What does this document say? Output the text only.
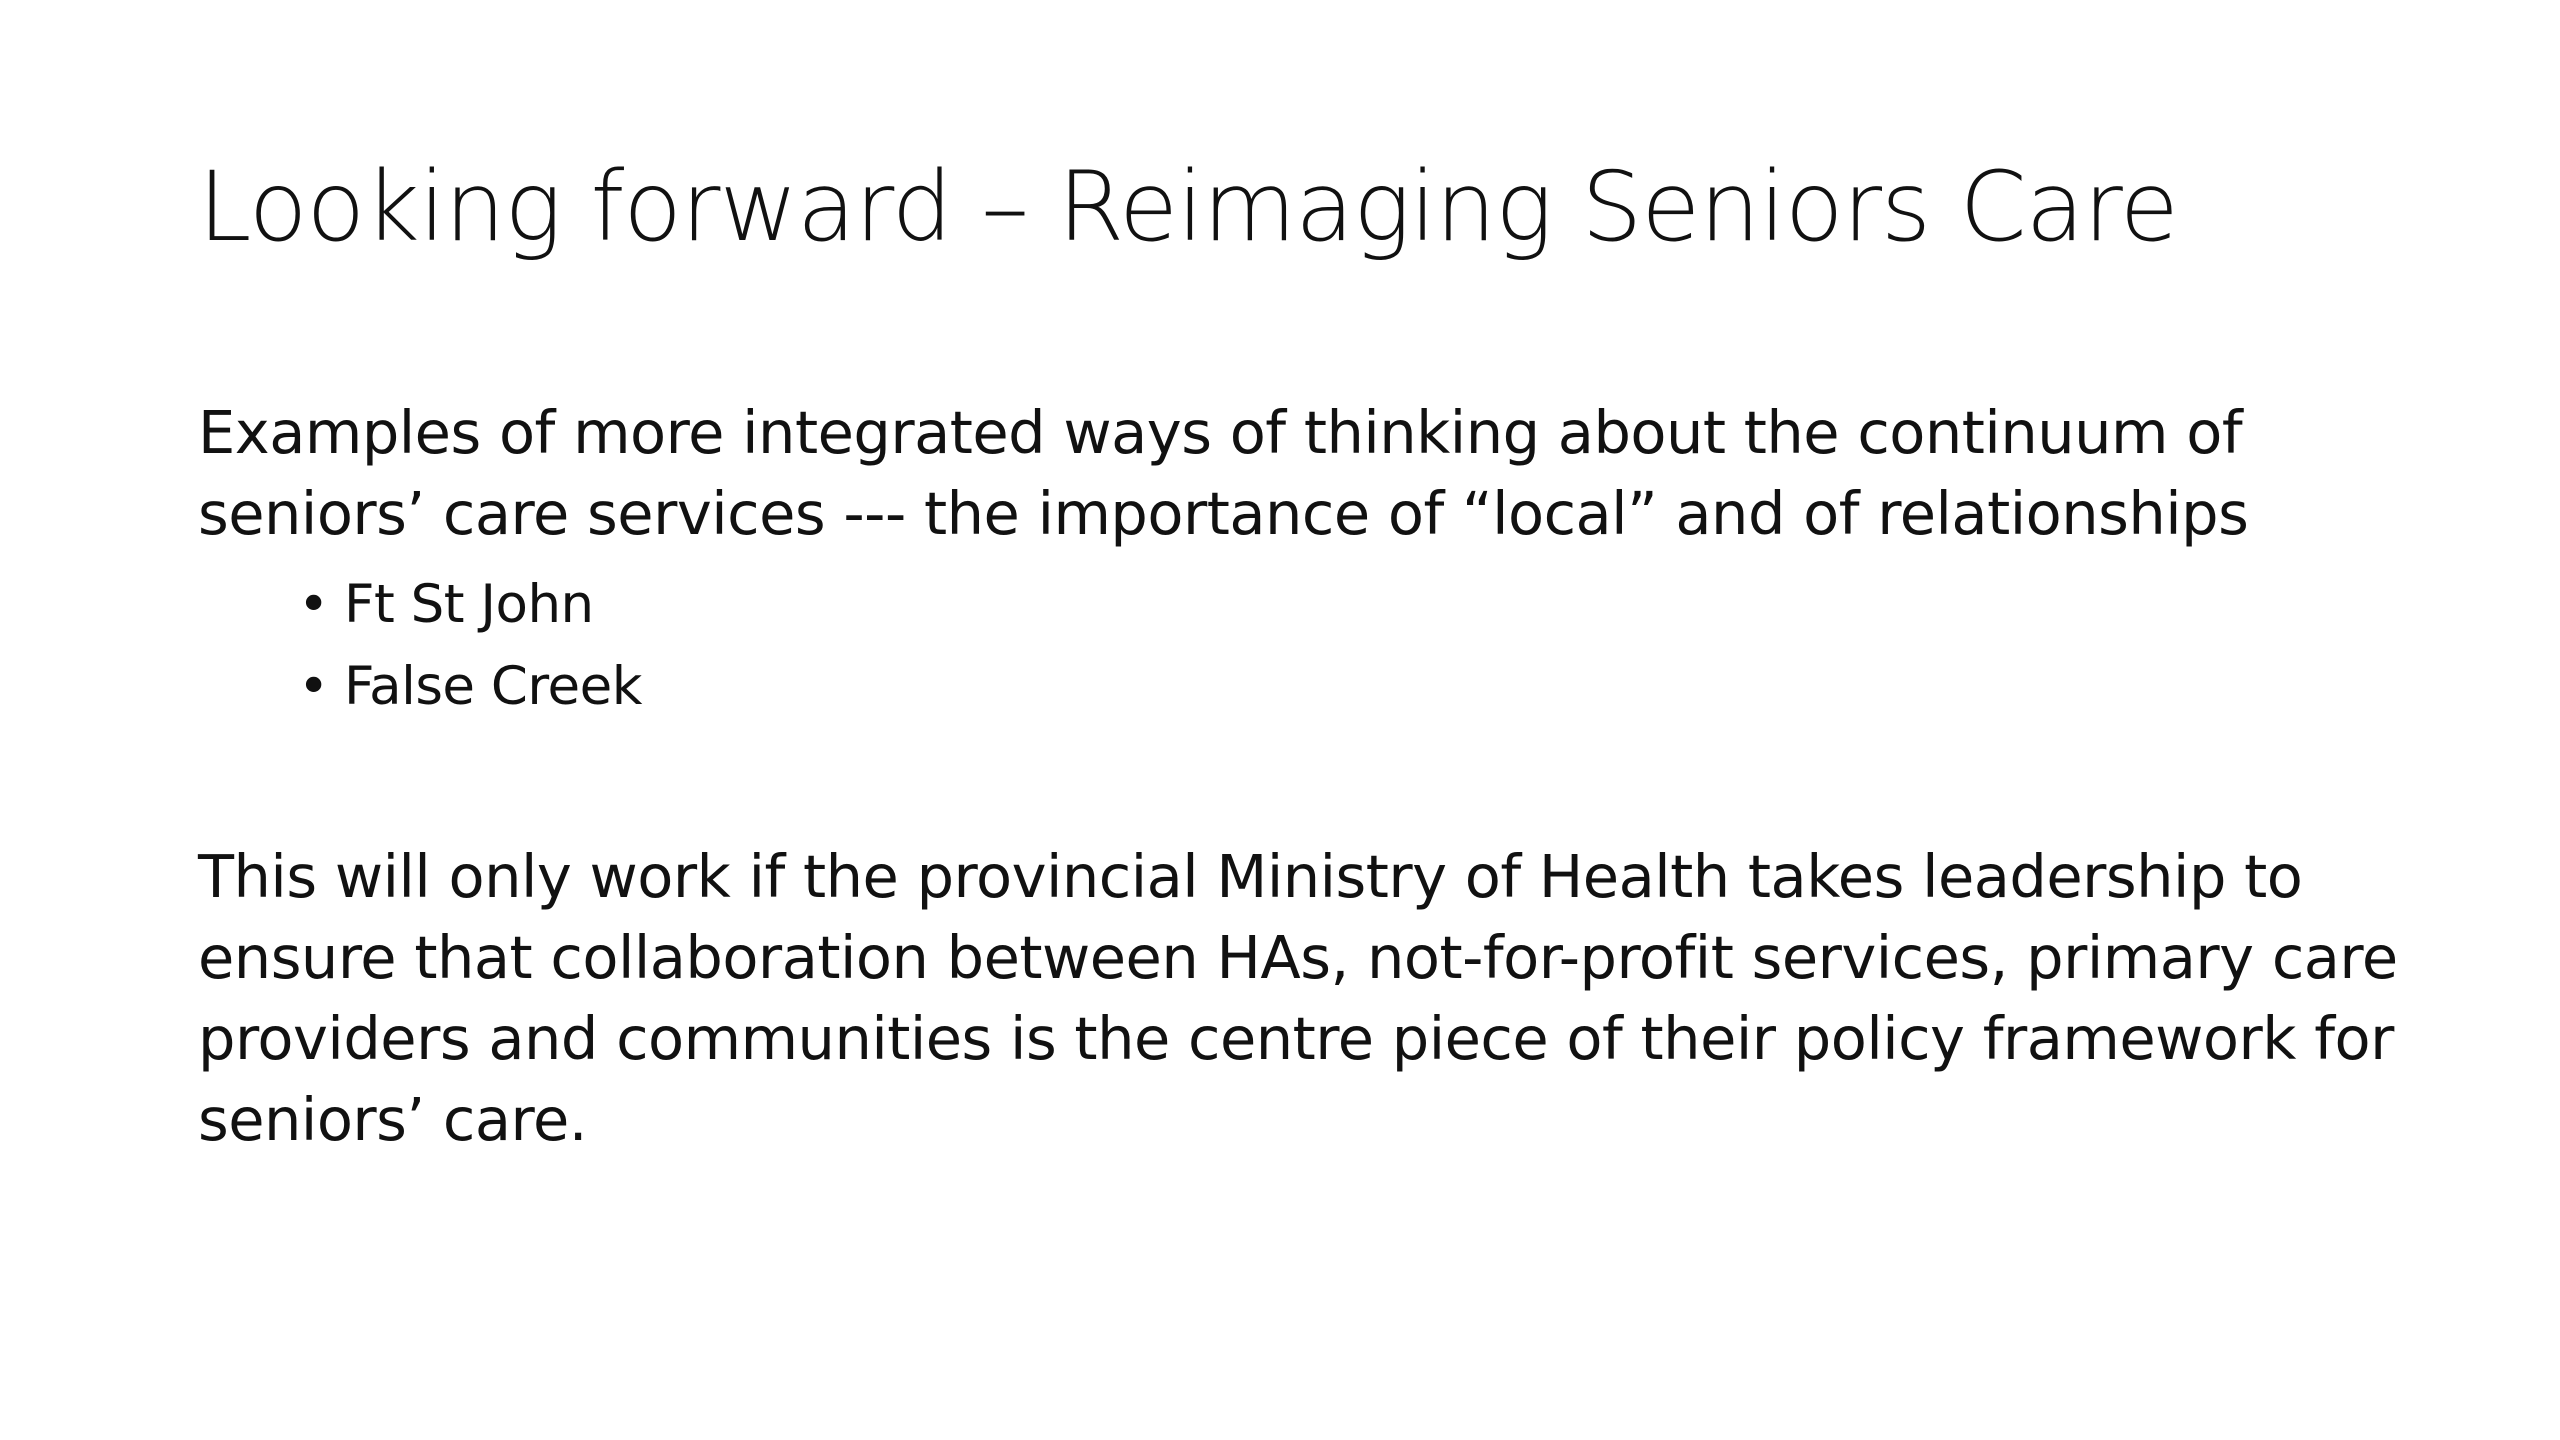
Looking forward – Reimaging Seniors Care

Examples of more integrated ways of thinking about the continuum of seniors’ care services --- the importance of “local” and of relationships

• Ft St John
• False Creek

This will only work if the provincial Ministry of Health takes leadership to ensure that collaboration between HAs, not-for-profit services, primary care providers and communities is the centre piece of their policy framework for seniors’ care.
